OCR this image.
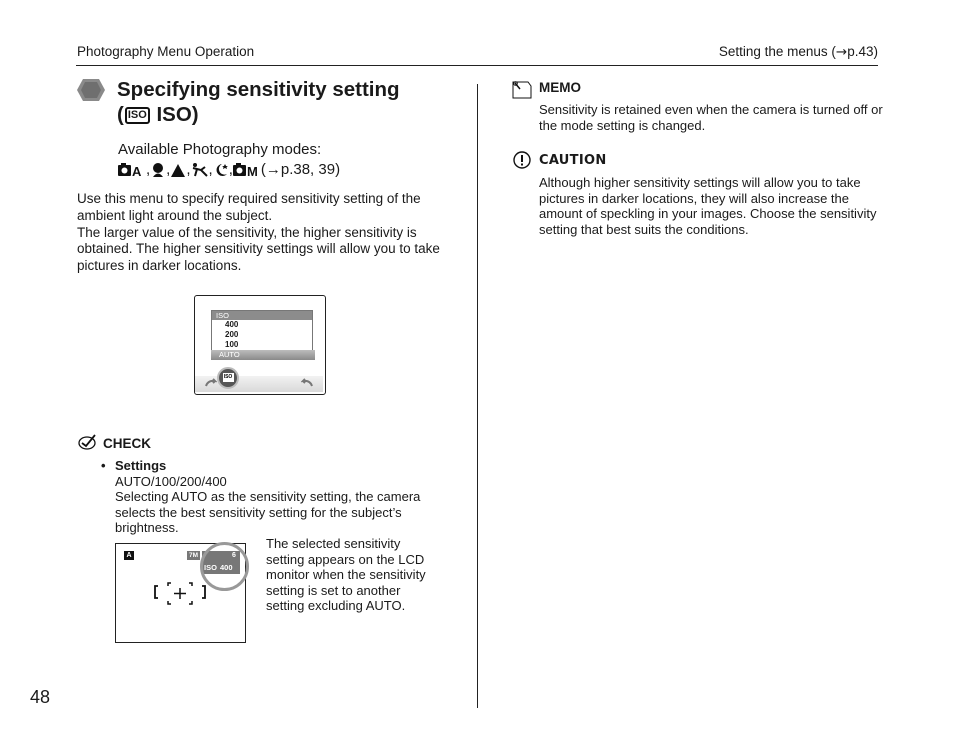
Photography Menu Operation	Setting the menus (→p.43)
Specifying sensitivity setting
( ISO ISO)
Available Photography modes:
A , , , , , M (→p.38, 39)
Use this menu to specify required sensitivity setting of the ambient light around the subject.
The larger value of the sensitivity, the higher sensitivity is obtained. The higher sensitivity settings will allow you to take pictures in darker locations.
ISO
400
200
100
AUTO
ISO
CHECK
• Settings
AUTO/100/200/400
Selecting AUTO as the sensitivity setting, the camera selects the best sensitivity setting for the subject’s brightness.
A	7M	6
ISO 400
The selected sensitivity setting appears on the LCD monitor when the sensitivity setting is set to another setting excluding AUTO.
MEMO
Sensitivity is retained even when the camera is turned off or the mode setting is changed.
CAUTION
Although higher sensitivity settings will allow you to take pictures in darker locations, they will also increase the amount of speckling in your images. Choose the sensitivity setting that best suits the conditions.
48
